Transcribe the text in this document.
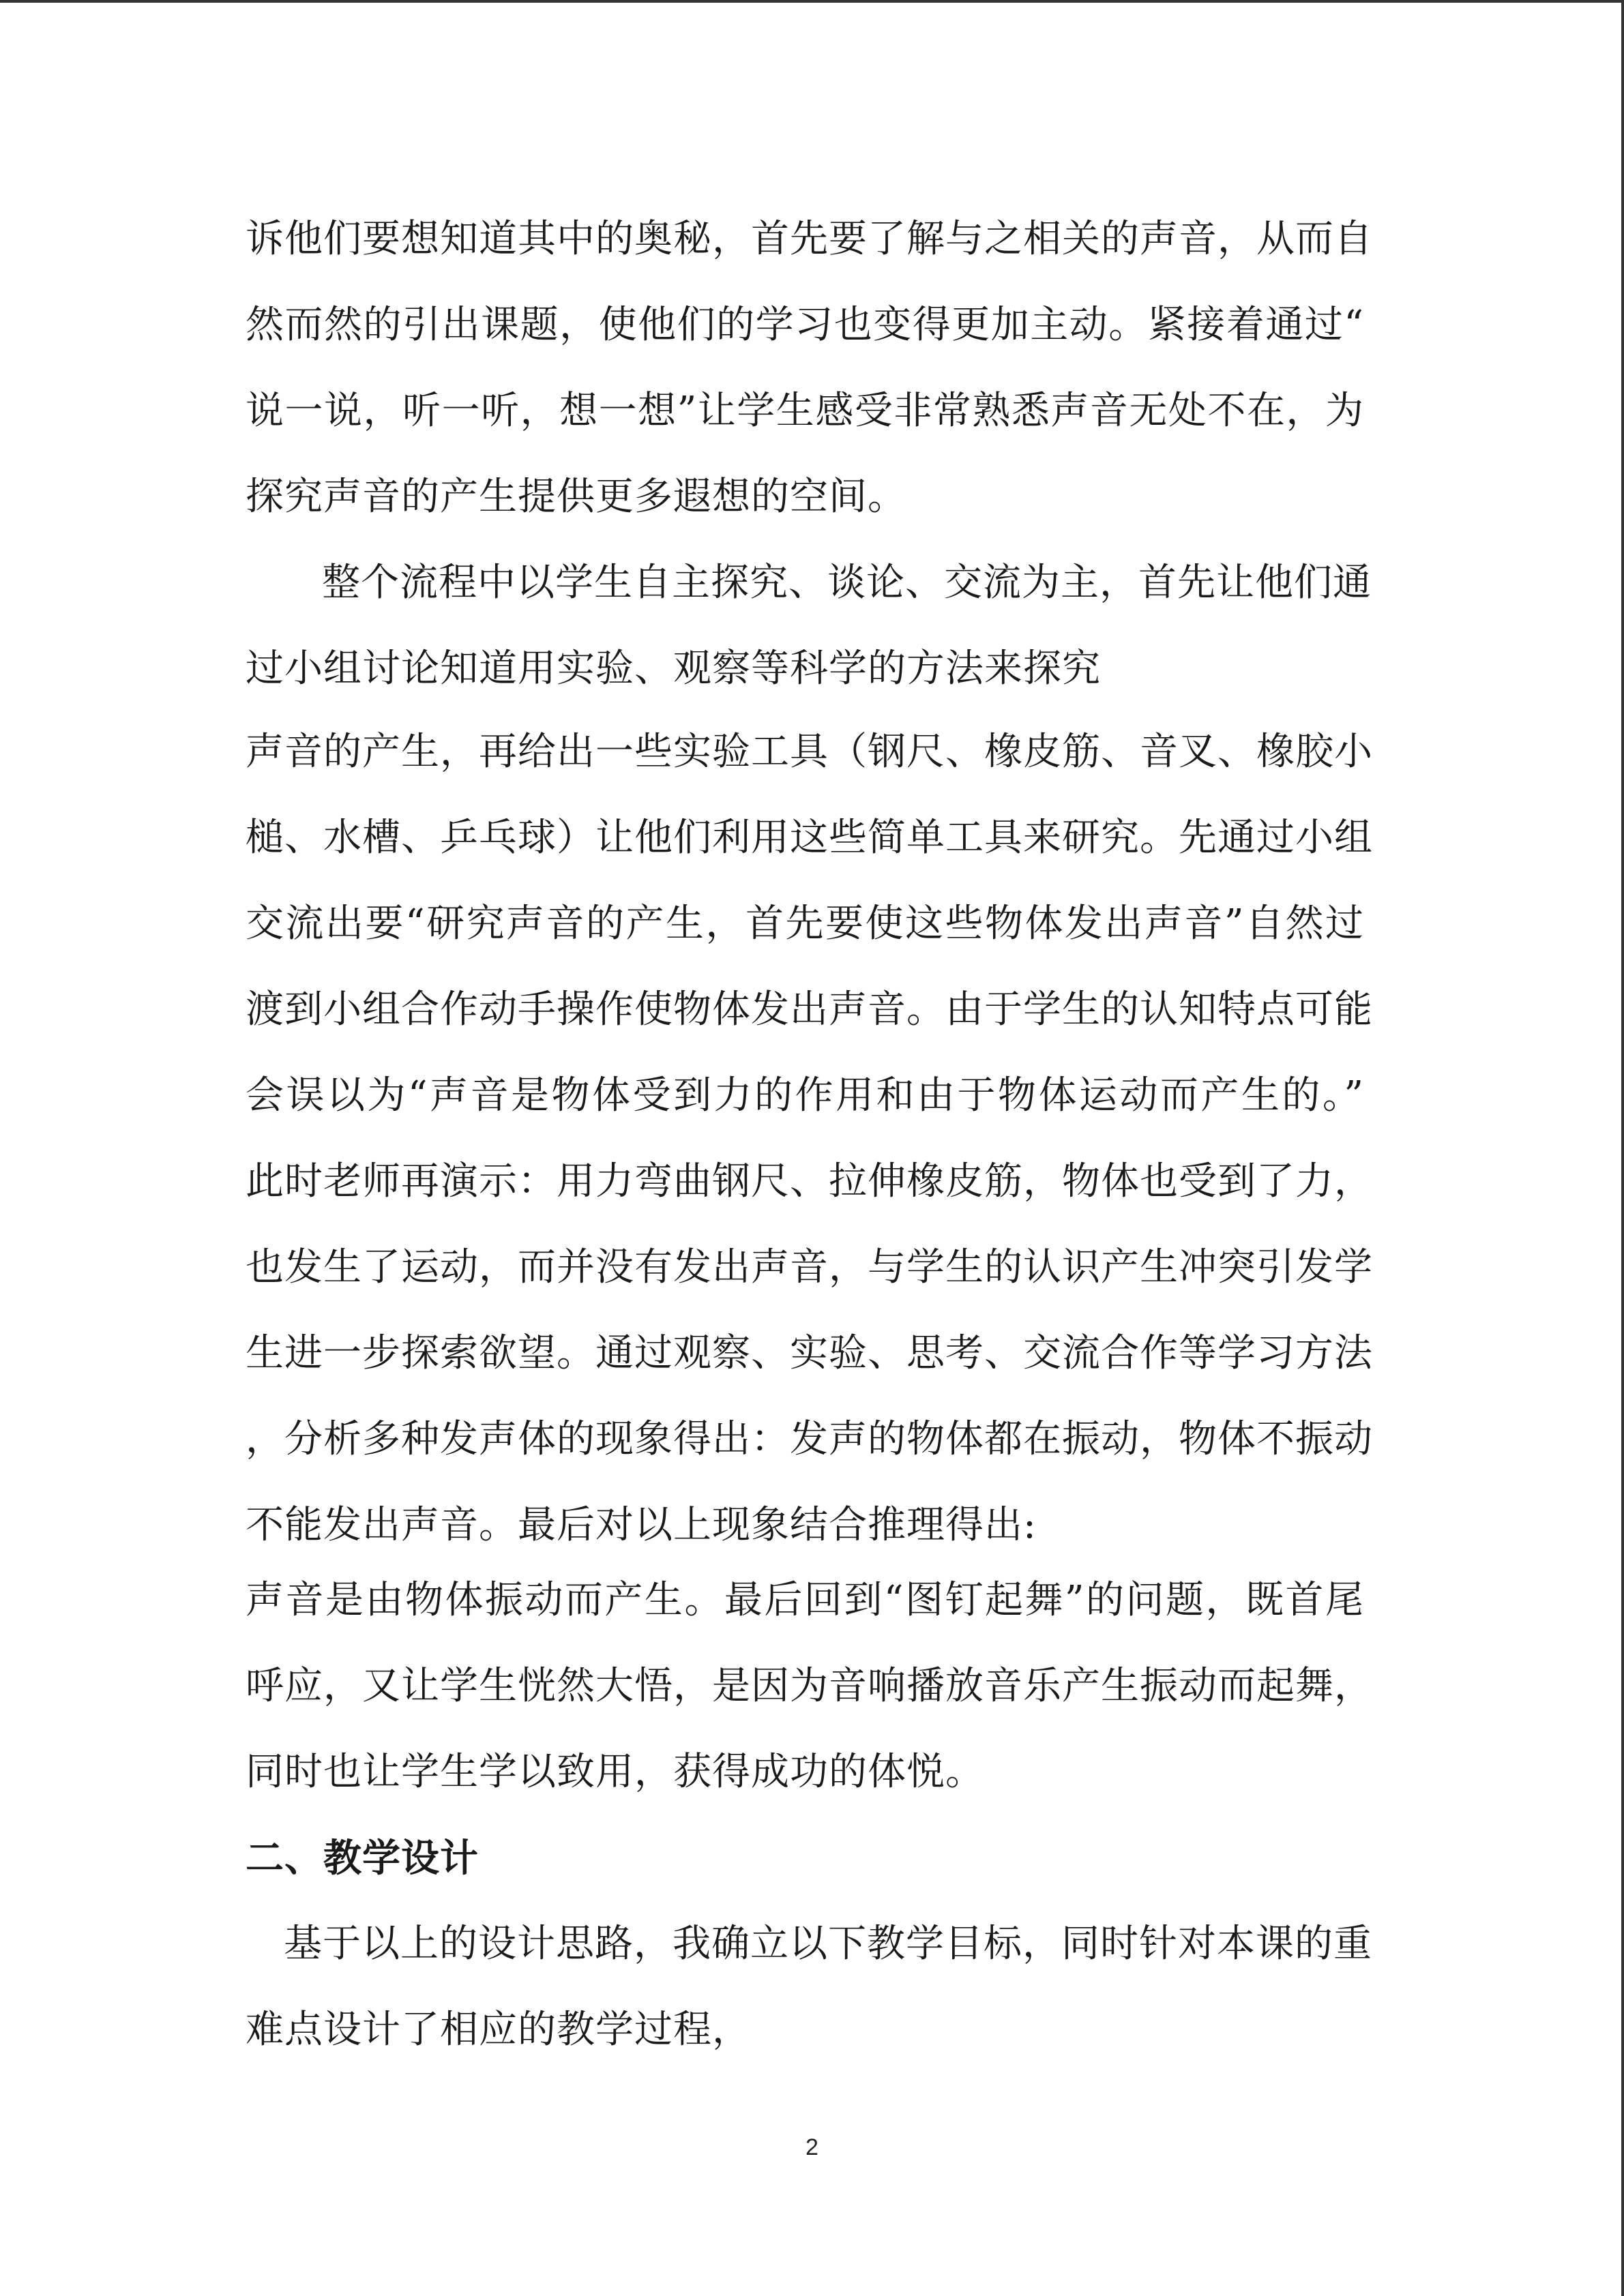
诉他们要想知道其中的奥秘，首先要了解与之相关的声音，从而自
然而然的引出课题，使他们的学习也变得更加主动。紧接着通过“
说一说，听一听，想一想”让学生感受非常熟悉声音无处不在，为
探究声音的产生提供更多遐想的空间。
整个流程中以学生自主探究、谈论、交流为主，首先让他们通
过小组讨论知道用实验、观察等科学的方法来探究
声音的产生，再给出一些实验工具（钢尺、橡皮筋、音叉、橡胶小
槌、水槽、乒乓球）让他们利用这些简单工具来研究。先通过小组
交流出要“研究声音的产生，首先要使这些物体发出声音”自然过
渡到小组合作动手操作使物体发出声音。由于学生的认知特点可能
会误以为“声音是物体受到力的作用和由于物体运动而产生的。”
此时老师再演示：用力弯曲钢尺、拉伸橡皮筋，物体也受到了力，
也发生了运动，而并没有发出声音，与学生的认识产生冲突引发学
生进一步探索欲望。通过观察、实验、思考、交流合作等学习方法
，分析多种发声体的现象得出：发声的物体都在振动，物体不振动
不能发出声音。最后对以上现象结合推理得出:
声音是由物体振动而产生。最后回到“图钉起舞”的问题，既首尾
呼应，又让学生恍然大悟，是因为音响播放音乐产生振动而起舞，
同时也让学生学以致用，获得成功的体悦。
二、教学设计
基于以上的设计思路，我确立以下教学目标，同时针对本课的重
难点设计了相应的教学过程，
2
